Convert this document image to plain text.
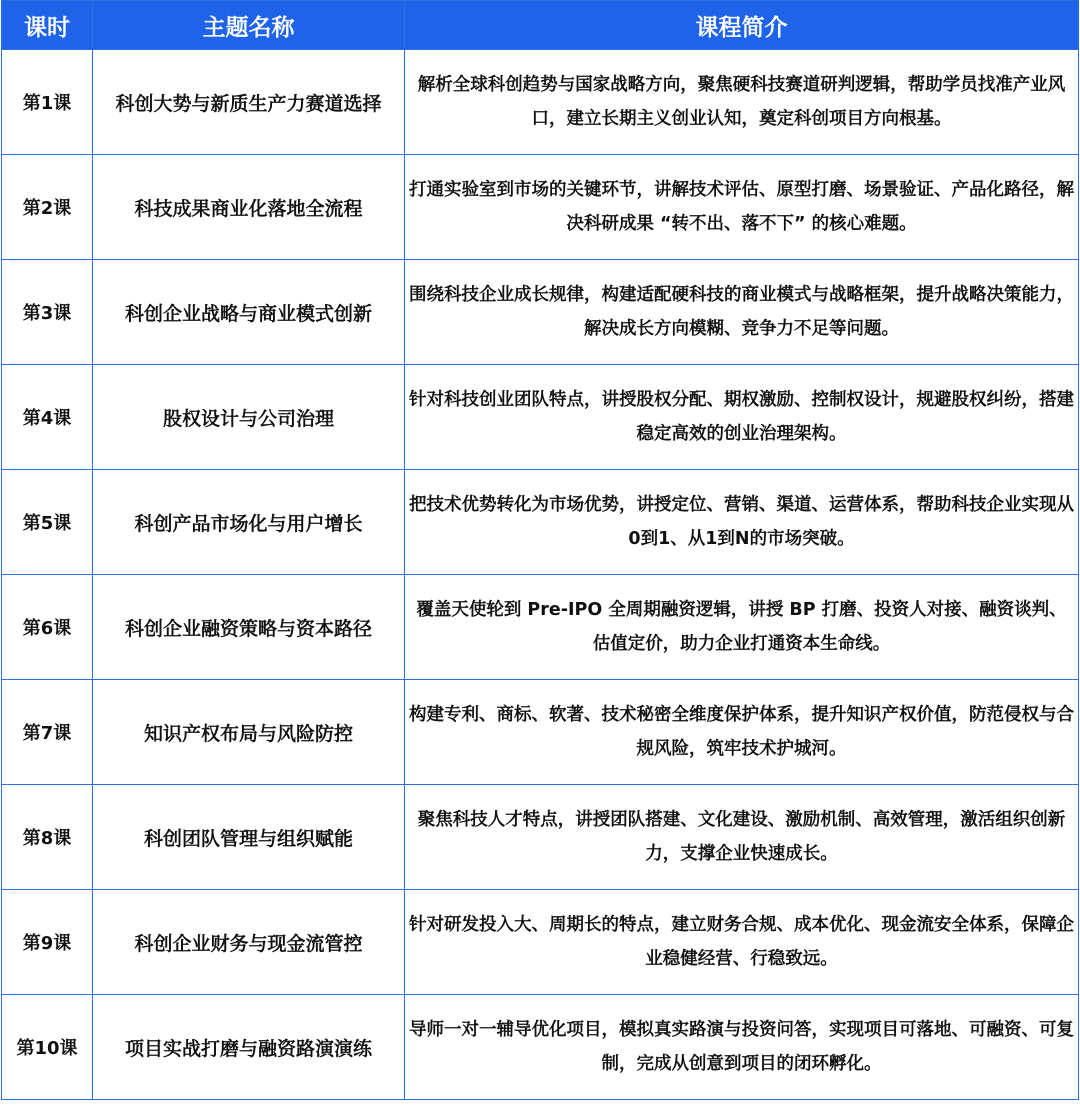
课时	主题名称	课程简介
第1课	科创大势与新质生产力赛道选择	解析全球科创趋势与国家战略方向，聚焦硬科技赛道研判逻辑，帮助学员找准产业风口，建立长期主义创业认知，奠定科创项目方向根基。
第2课	科技成果商业化落地全流程	打通实验室到市场的关键环节，讲解技术评估、原型打磨、场景验证、产品化路径，解决科研成果 “转不出、落不下” 的核心难题。
第3课	科创企业战略与商业模式创新	围绕科技企业成长规律，构建适配硬科技的商业模式与战略框架，提升战略决策能力，解决成长方向模糊、竞争力不足等问题。
第4课	股权设计与公司治理	针对科技创业团队特点，讲授股权分配、期权激励、控制权设计，规避股权纠纷，搭建稳定高效的创业治理架构。
第5课	科创产品市场化与用户增长	把技术优势转化为市场优势，讲授定位、营销、渠道、运营体系，帮助科技企业实现从0到1、从1到N的市场突破。
第6课	科创企业融资策略与资本路径	覆盖天使轮到 Pre-IPO 全周期融资逻辑，讲授 BP 打磨、投资人对接、融资谈判、估值定价，助力企业打通资本生命线。
第7课	知识产权布局与风险防控	构建专利、商标、软著、技术秘密全维度保护体系，提升知识产权价值，防范侵权与合规风险，筑牢技术护城河。
第8课	科创团队管理与组织赋能	聚焦科技人才特点，讲授团队搭建、文化建设、激励机制、高效管理，激活组织创新力，支撑企业快速成长。
第9课	科创企业财务与现金流管控	针对研发投入大、周期长的特点，建立财务合规、成本优化、现金流安全体系，保障企业稳健经营、行稳致远。
第10课	项目实战打磨与融资路演演练	导师一对一辅导优化项目，模拟真实路演与投资问答，实现项目可落地、可融资、可复制，完成从创意到项目的闭环孵化。
